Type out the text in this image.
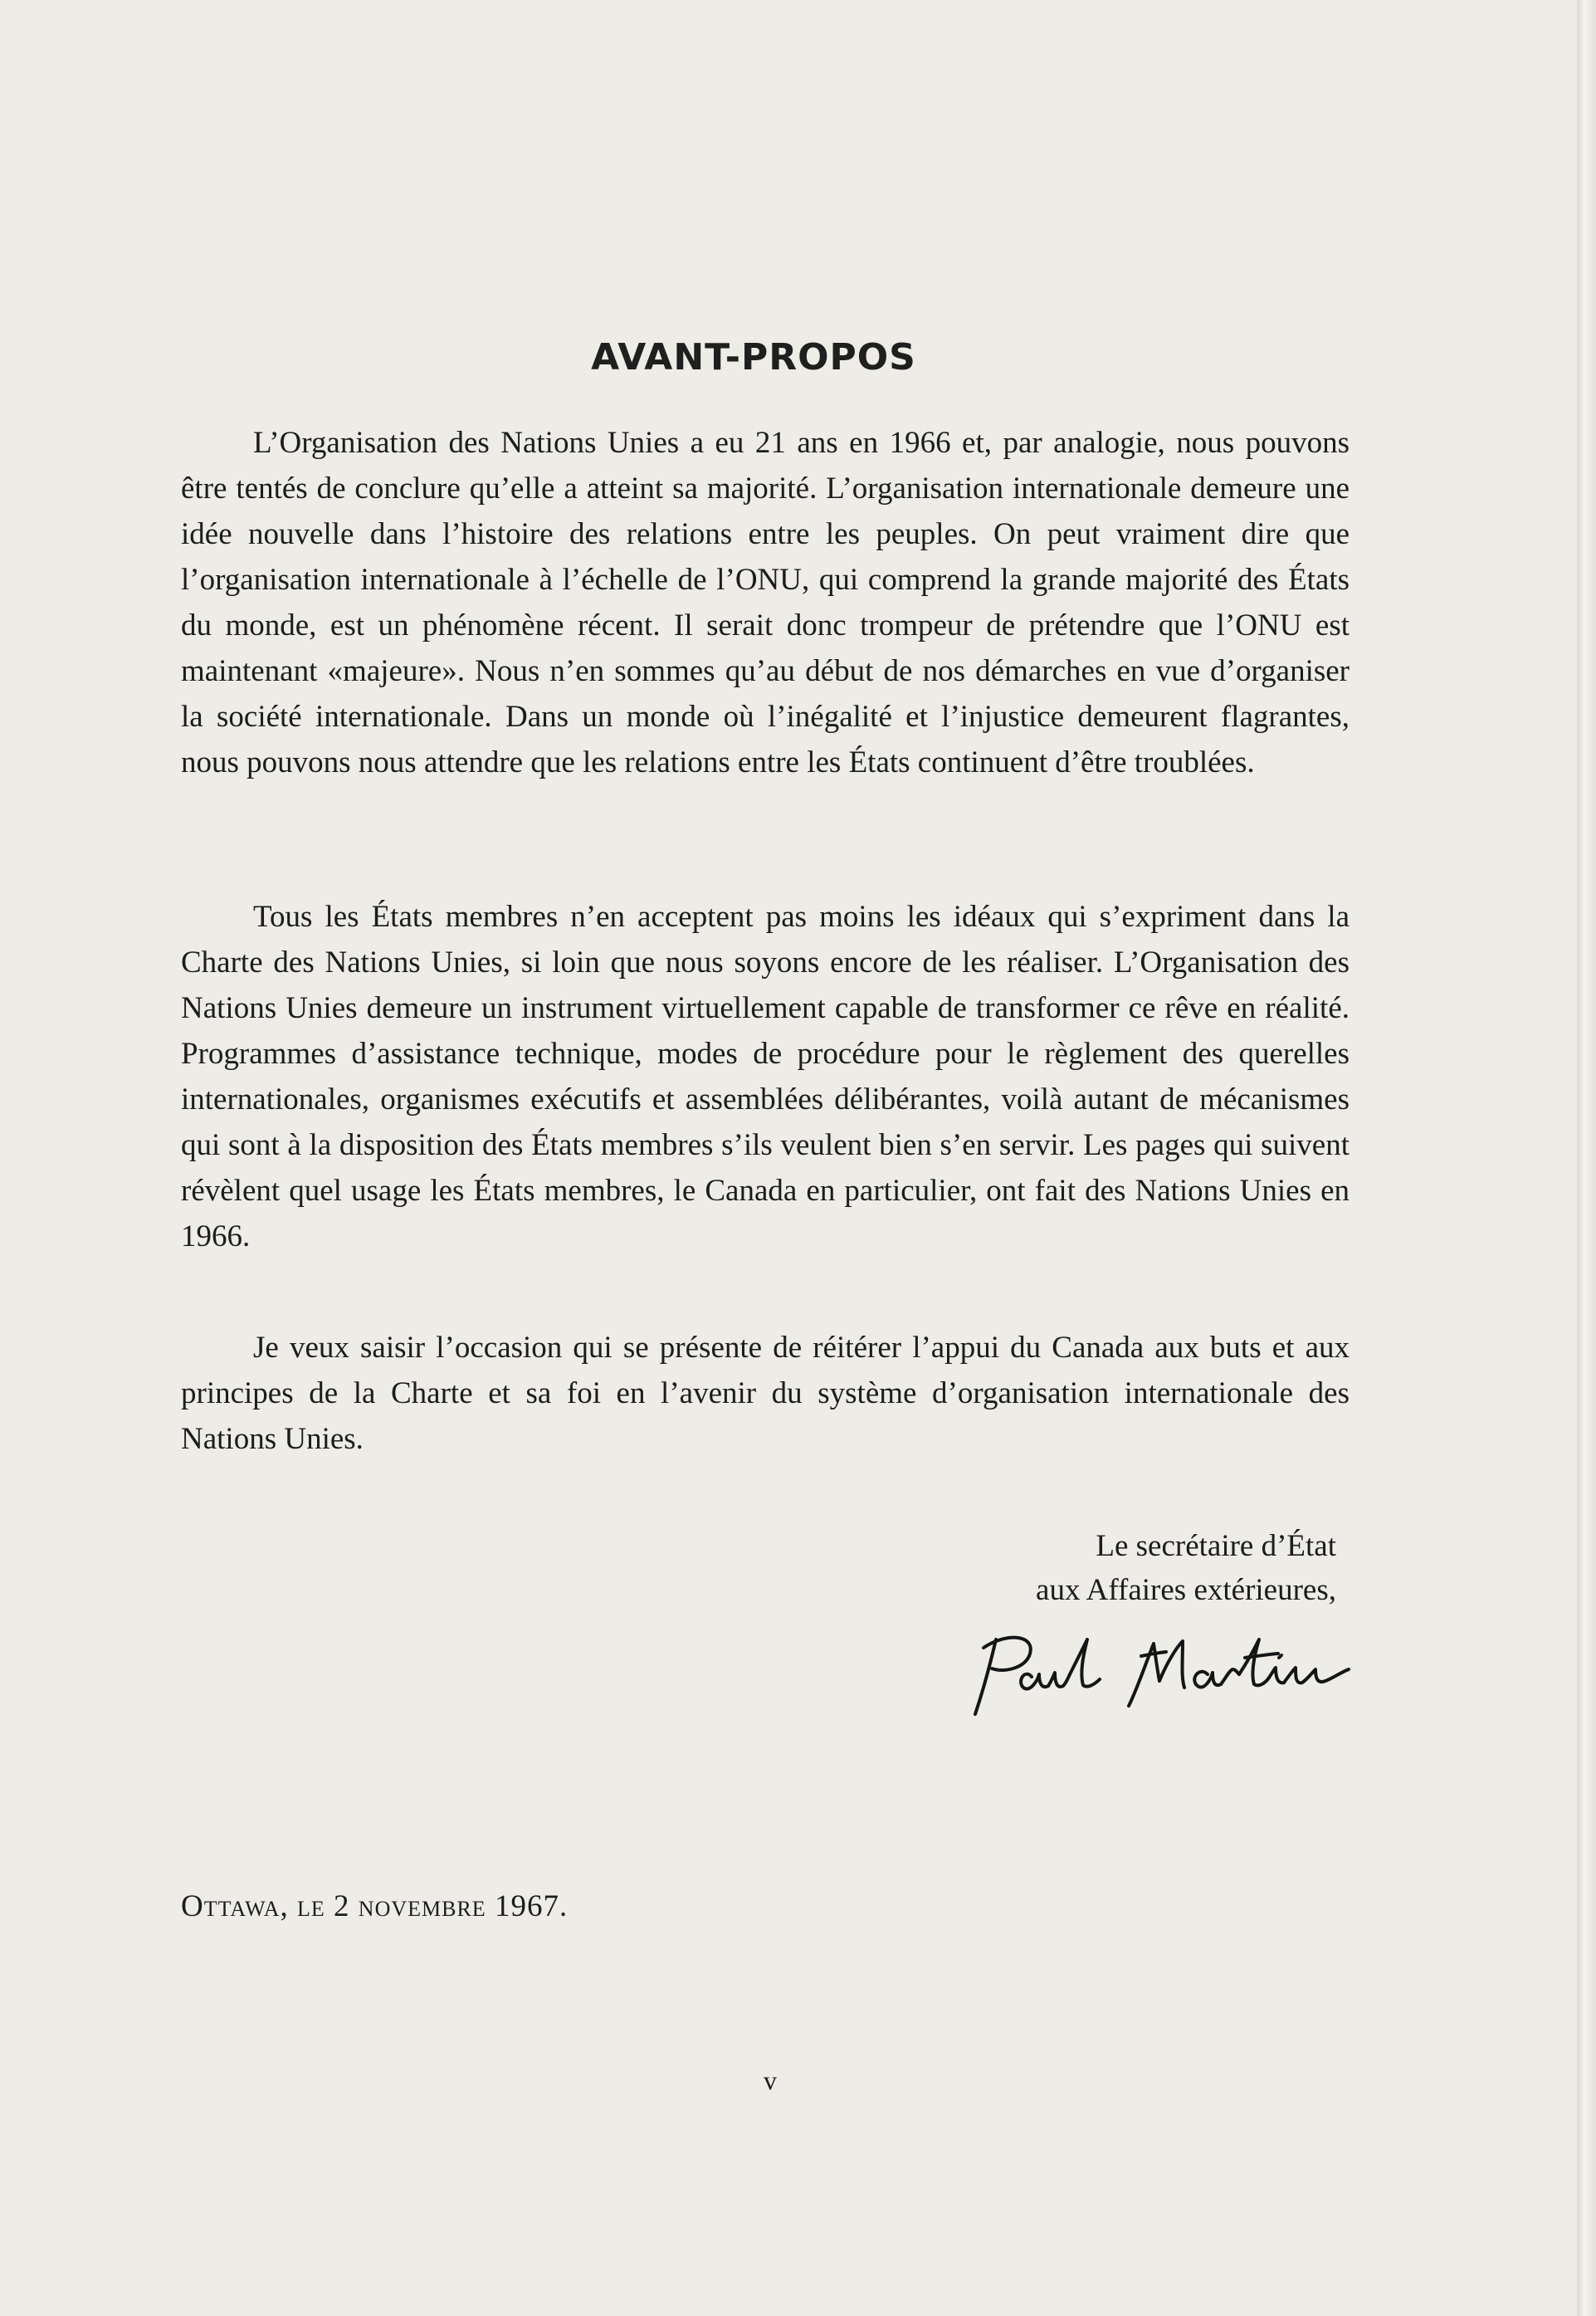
AVANT-PROPOS

L’Organisation des Nations Unies a eu 21 ans en 1966 et, par analogie, nous pouvons être tentés de conclure qu’elle a atteint sa majorité. L’organisation internationale demeure une idée nouvelle dans l’histoire des relations entre les peuples. On peut vraiment dire que l’organisation internationale à l’échelle de l’ONU, qui comprend la grande majorité des États du monde, est un phénomène récent. Il serait donc trompeur de prétendre que l’ONU est maintenant «majeure». Nous n’en sommes qu’au début de nos démarches en vue d’organiser la société internationale. Dans un monde où l’inégalité et l’injustice demeurent flagrantes, nous pouvons nous attendre que les relations entre les États continuent d’être troublées.

Tous les États membres n’en acceptent pas moins les idéaux qui s’expriment dans la Charte des Nations Unies, si loin que nous soyons encore de les réaliser. L’Organisation des Nations Unies demeure un instrument virtuellement capable de transformer ce rêve en réalité. Programmes d’assistance technique, modes de procédure pour le règlement des querelles internationales, organismes exécutifs et assemblées délibérantes, voilà autant de mécanismes qui sont à la disposition des États membres s’ils veulent bien s’en servir. Les pages qui suivent révèlent quel usage les États membres, le Canada en particulier, ont fait des Nations Unies en 1966.

Je veux saisir l’occasion qui se présente de réitérer l’appui du Canada aux buts et aux principes de la Charte et sa foi en l’avenir du système d’organisation internationale des Nations Unies.

Le secrétaire d’État
aux Affaires extérieures,

Ottawa, le 2 novembre 1967.

v
